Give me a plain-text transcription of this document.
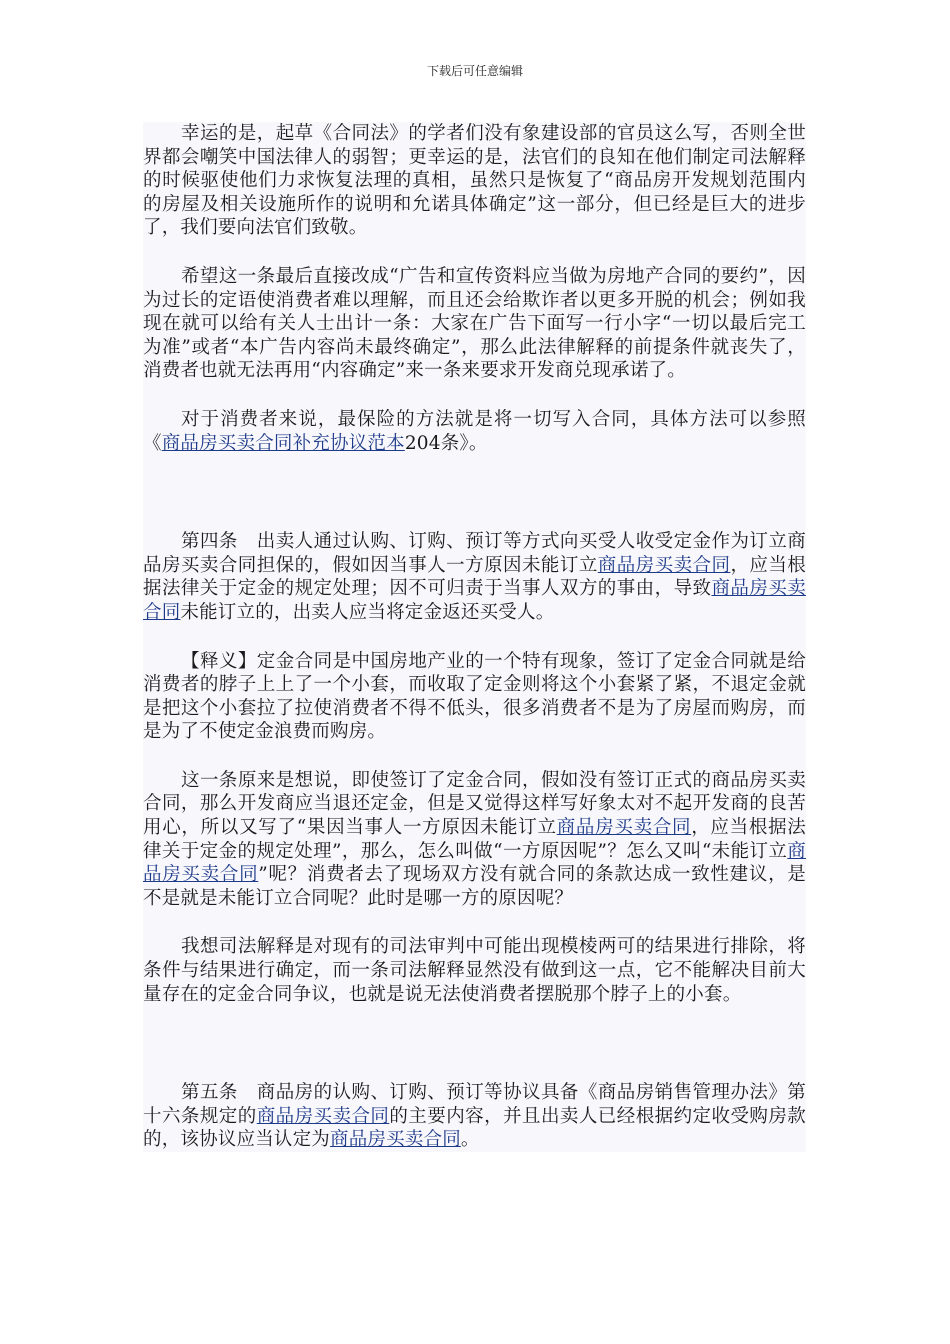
下载后可任意编辑

幸运的是，起草《合同法》的学者们没有象建设部的官员这么写，否则全世界都会嘲笑中国法律人的弱智；更幸运的是，法官们的良知在他们制定司法解释的时候驱使他们力求恢复法理的真相，虽然只是恢复了“商品房开发规划范围内的房屋及相关设施所作的说明和允诺具体确定”这一部分，但已经是巨大的进步了，我们要向法官们致敬。

希望这一条最后直接改成“广告和宣传资料应当做为房地产合同的要约”，因为过长的定语使消费者难以理解，而且还会给欺诈者以更多开脱的机会；例如我现在就可以给有关人士出计一条：大家在广告下面写一行小字“一切以最后完工为准”或者“本广告内容尚未最终确定”，那么此法律解释的前提条件就丧失了，消费者也就无法再用“内容确定”来一条来要求开发商兑现承诺了。

对于消费者来说，最保险的方法就是将一切写入合同，具体方法可以参照《商品房买卖合同补充协议范本204条》。

第四条　出卖人通过认购、订购、预订等方式向买受人收受定金作为订立商品房买卖合同担保的，假如因当事人一方原因未能订立商品房买卖合同，应当根据法律关于定金的规定处理；因不可归责于当事人双方的事由，导致商品房买卖合同未能订立的，出卖人应当将定金返还买受人。

【释义】定金合同是中国房地产业的一个特有现象，签订了定金合同就是给消费者的脖子上上了一个小套，而收取了定金则将这个小套紧了紧，不退定金就是把这个小套拉了拉使消费者不得不低头，很多消费者不是为了房屋而购房，而是为了不使定金浪费而购房。

这一条原来是想说，即使签订了定金合同，假如没有签订正式的商品房买卖合同，那么开发商应当退还定金，但是又觉得这样写好象太对不起开发商的良苦用心，所以又写了“果因当事人一方原因未能订立商品房买卖合同，应当根据法律关于定金的规定处理”，那么，怎么叫做“一方原因呢”？怎么又叫“未能订立商品房买卖合同”呢？消费者去了现场双方没有就合同的条款达成一致性建议，是不是就是未能订立合同呢？此时是哪一方的原因呢？

我想司法解释是对现有的司法审判中可能出现模棱两可的结果进行排除，将条件与结果进行确定，而一条司法解释显然没有做到这一点，它不能解决目前大量存在的定金合同争议，也就是说无法使消费者摆脱那个脖子上的小套。

第五条　商品房的认购、订购、预订等协议具备《商品房销售管理办法》第十六条规定的商品房买卖合同的主要内容，并且出卖人已经根据约定收受购房款的，该协议应当认定为商品房买卖合同。
